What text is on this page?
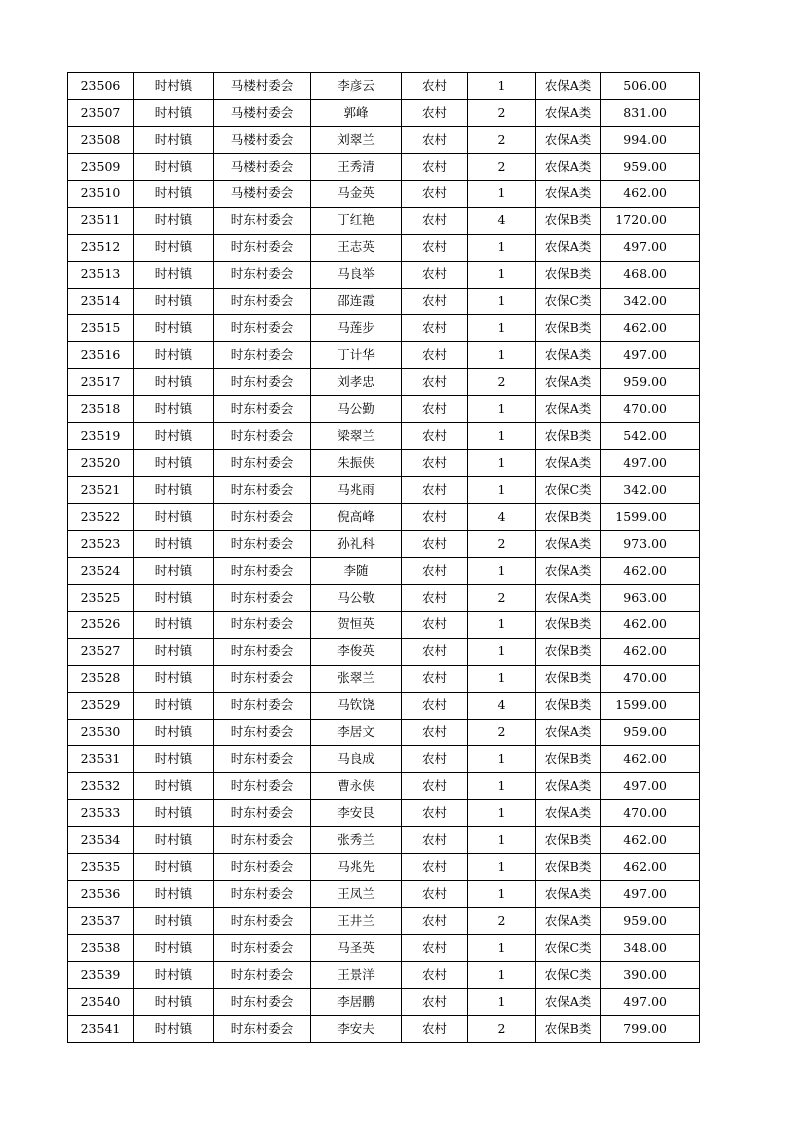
23506	时村镇	马楼村委会	李彦云	农村	1	农保A类	506.00
23507	时村镇	马楼村委会	郭峰	农村	2	农保A类	831.00
23508	时村镇	马楼村委会	刘翠兰	农村	2	农保A类	994.00
23509	时村镇	马楼村委会	王秀清	农村	2	农保A类	959.00
23510	时村镇	马楼村委会	马金英	农村	1	农保A类	462.00
23511	时村镇	时东村委会	丁红艳	农村	4	农保B类	1720.00
23512	时村镇	时东村委会	王志英	农村	1	农保A类	497.00
23513	时村镇	时东村委会	马良举	农村	1	农保B类	468.00
23514	时村镇	时东村委会	邵连霞	农村	1	农保C类	342.00
23515	时村镇	时东村委会	马莲步	农村	1	农保B类	462.00
23516	时村镇	时东村委会	丁计华	农村	1	农保A类	497.00
23517	时村镇	时东村委会	刘孝忠	农村	2	农保A类	959.00
23518	时村镇	时东村委会	马公勤	农村	1	农保A类	470.00
23519	时村镇	时东村委会	梁翠兰	农村	1	农保B类	542.00
23520	时村镇	时东村委会	朱振侠	农村	1	农保A类	497.00
23521	时村镇	时东村委会	马兆雨	农村	1	农保C类	342.00
23522	时村镇	时东村委会	倪高峰	农村	4	农保B类	1599.00
23523	时村镇	时东村委会	孙礼科	农村	2	农保A类	973.00
23524	时村镇	时东村委会	李随	农村	1	农保A类	462.00
23525	时村镇	时东村委会	马公敬	农村	2	农保A类	963.00
23526	时村镇	时东村委会	贺恒英	农村	1	农保B类	462.00
23527	时村镇	时东村委会	李俊英	农村	1	农保B类	462.00
23528	时村镇	时东村委会	张翠兰	农村	1	农保B类	470.00
23529	时村镇	时东村委会	马钦饶	农村	4	农保B类	1599.00
23530	时村镇	时东村委会	李居文	农村	2	农保A类	959.00
23531	时村镇	时东村委会	马良成	农村	1	农保B类	462.00
23532	时村镇	时东村委会	曹永侠	农村	1	农保A类	497.00
23533	时村镇	时东村委会	李安艮	农村	1	农保A类	470.00
23534	时村镇	时东村委会	张秀兰	农村	1	农保B类	462.00
23535	时村镇	时东村委会	马兆先	农村	1	农保B类	462.00
23536	时村镇	时东村委会	王凤兰	农村	1	农保A类	497.00
23537	时村镇	时东村委会	王井兰	农村	2	农保A类	959.00
23538	时村镇	时东村委会	马圣英	农村	1	农保C类	348.00
23539	时村镇	时东村委会	王景洋	农村	1	农保C类	390.00
23540	时村镇	时东村委会	李居鹏	农村	1	农保A类	497.00
23541	时村镇	时东村委会	李安夫	农村	2	农保B类	799.00
